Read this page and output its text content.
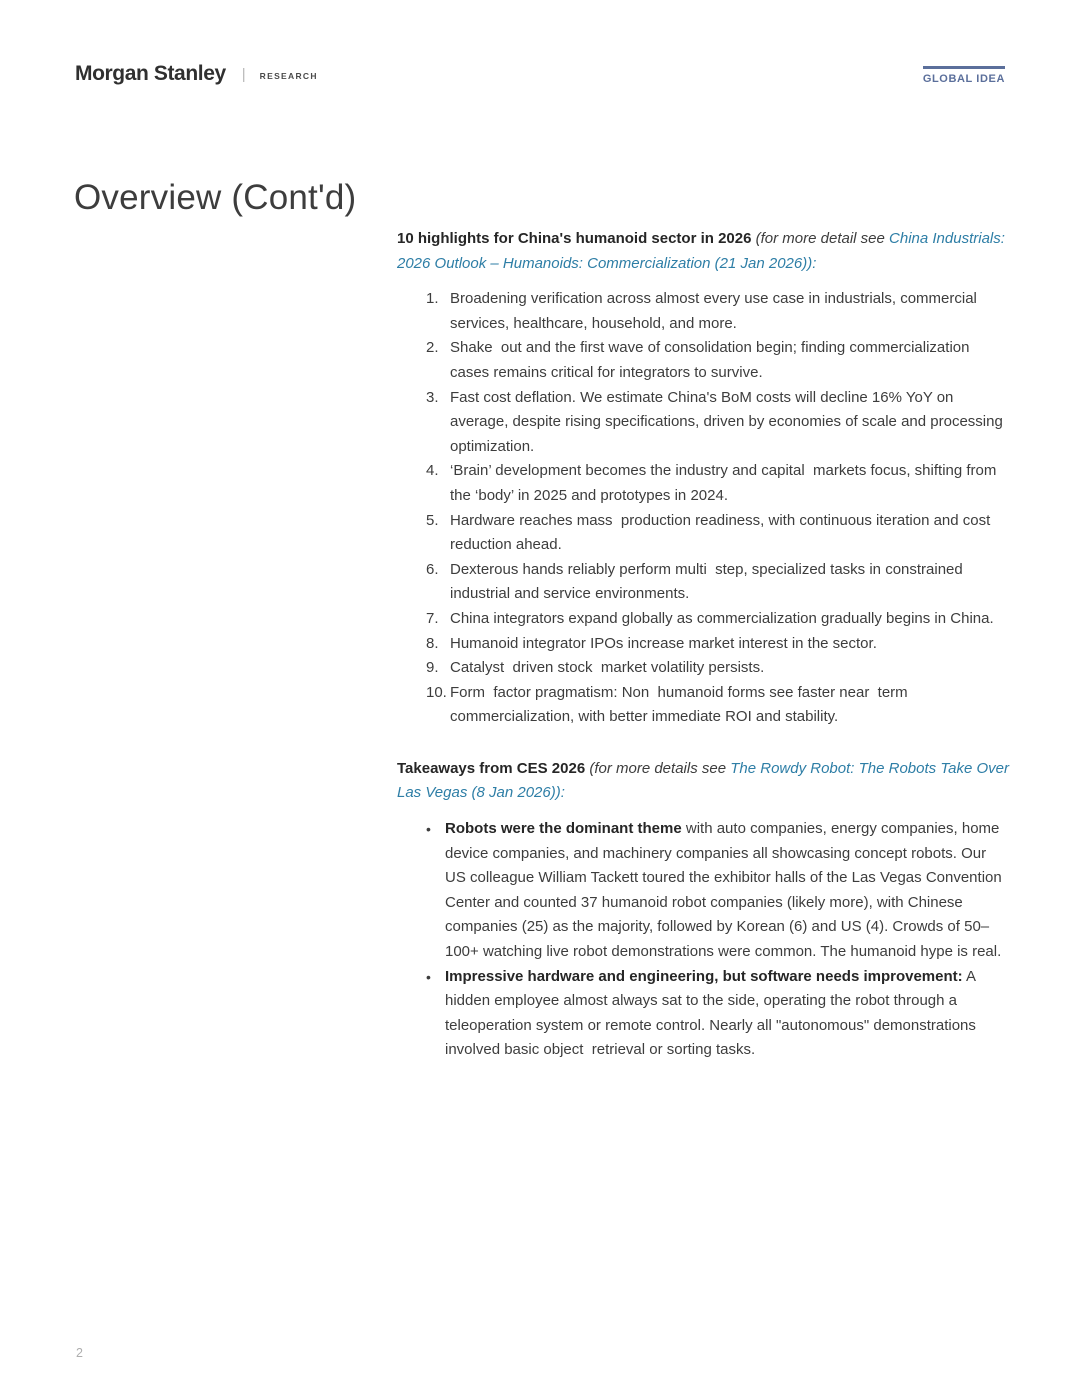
Morgan Stanley | RESEARCH	GLOBAL IDEA
Overview (Cont'd)

10 highlights for China's humanoid sector in 2026 (for more detail see China Industrials: 2026 Outlook – Humanoids: Commercialization (21 Jan 2026)):

1. Broadening verification across almost every use case in industrials, commercial services, healthcare, household, and more.
2. Shake  out and the first wave of consolidation begin; finding commercialization cases remains critical for integrators to survive.
3. Fast cost deflation. We estimate China's BoM costs will decline 16% YoY on average, despite rising specifications, driven by economies of scale and processing optimization.
4. ‘Brain’ development becomes the industry and capital  markets focus, shifting from the ‘body’ in 2025 and prototypes in 2024.
5. Hardware reaches mass  production readiness, with continuous iteration and cost reduction ahead.
6. Dexterous hands reliably perform multi  step, specialized tasks in constrained industrial and service environments.
7. China integrators expand globally as commercialization gradually begins in China.
8. Humanoid integrator IPOs increase market interest in the sector.
9. Catalyst  driven stock  market volatility persists.
10. Form  factor pragmatism: Non  humanoid forms see faster near  term commercialization, with better immediate ROI and stability.

Takeaways from CES 2026 (for more details see The Rowdy Robot: The Robots Take Over Las Vegas (8 Jan 2026)):

• Robots were the dominant theme with auto companies, energy companies, home  device companies, and machinery companies all showcasing concept robots. Our US colleague William Tackett toured the exhibitor halls of the Las Vegas Convention Center and counted 37 humanoid robot companies (likely more), with Chinese companies (25) as the majority, followed by Korean (6) and US (4). Crowds of 50–100+ watching live robot demonstrations were common. The humanoid hype is real.
• Impressive hardware and engineering, but software needs improvement: A hidden employee almost always sat to the side, operating the robot through a teleoperation system or remote control. Nearly all "autonomous" demonstrations involved basic object  retrieval or sorting tasks.
2
